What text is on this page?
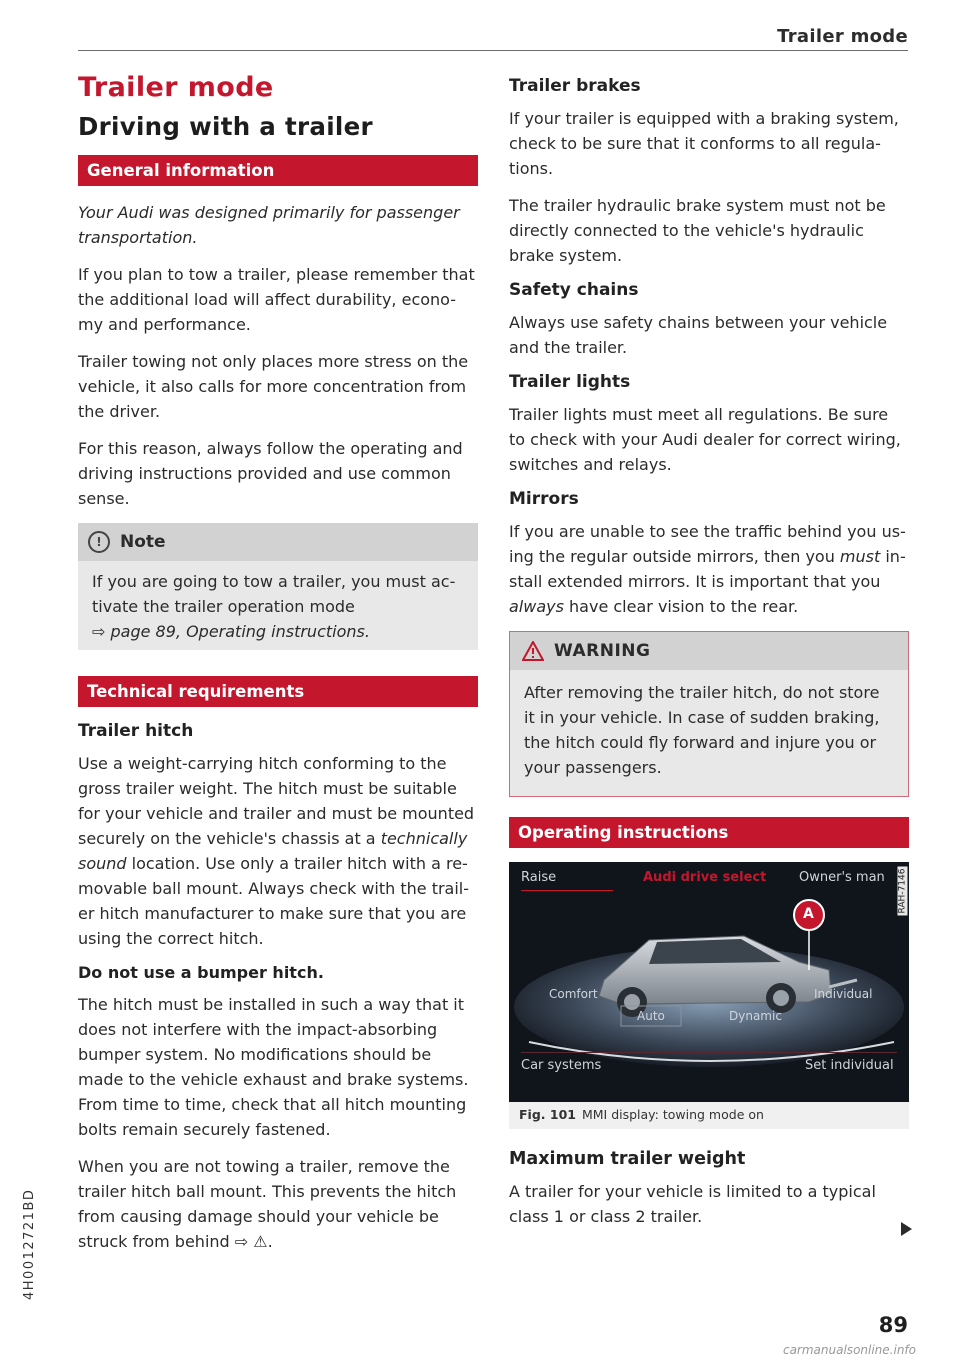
Trailer mode
Trailer mode
Driving with a trailer
General information

Your Audi was designed primarily for passenger transportation.

If you plan to tow a trailer, please remember that the additional load will affect durability, econo-my and performance.

Trailer towing not only places more stress on the vehicle, it also calls for more concentration from the driver.

For this reason, always follow the operating and driving instructions provided and use common sense.

!	Note

If you are going to tow a trailer, you must ac-tivate the trailer operation mode

⇨ page 89, Operating instructions.

Technical requirements
Trailer hitch

Use a weight-carrying hitch conforming to the gross trailer weight. The hitch must be suitable for your vehicle and trailer and must be mounted securely on the vehicle's chassis at a technically sound location. Use only a trailer hitch with a re-movable ball mount. Always check with the trail-er hitch manufacturer to make sure that you are using the correct hitch.

Do not use a bumper hitch.

The hitch must be installed in such a way that it does not interfere with the impact-absorbing bumper system. No modifications should be made to the vehicle exhaust and brake systems. From time to time, check that all hitch mounting bolts remain securely fastened.

When you are not towing a trailer, remove the trailer hitch ball mount. This prevents the hitch from causing damage should your vehicle be struck from behind ⇨ ⚠.

Trailer brakes

If your trailer is equipped with a braking system, check to be sure that it conforms to all regula-tions.

The trailer hydraulic brake system must not be directly connected to the vehicle's hydraulic brake system.

Safety chains

Always use safety chains between your vehicle and the trailer.

Trailer lights

Trailer lights must meet all regulations. Be sure to check with your Audi dealer for correct wiring, switches and relays.

Mirrors

If you are unable to see the traffic behind you us-ing the regular outside mirrors, then you must in-stall extended mirrors. It is important that you always have clear vision to the rear.

WARNING

After removing the trailer hitch, do not store it in your vehicle. In case of sudden braking, the hitch could fly forward and injure you or your passengers.

Operating instructions
Raise	Audi drive select	Owner's man
A
Comfort	Individual
Auto	Dynamic
Car systems	Set individual
RAH-7146
Fig. 101 MMI display: towing mode on
Maximum trailer weight

A trailer for your vehicle is limited to a typical class 1 or class 2 trailer.

4H0012721BD
89
carmanualsonline.info
